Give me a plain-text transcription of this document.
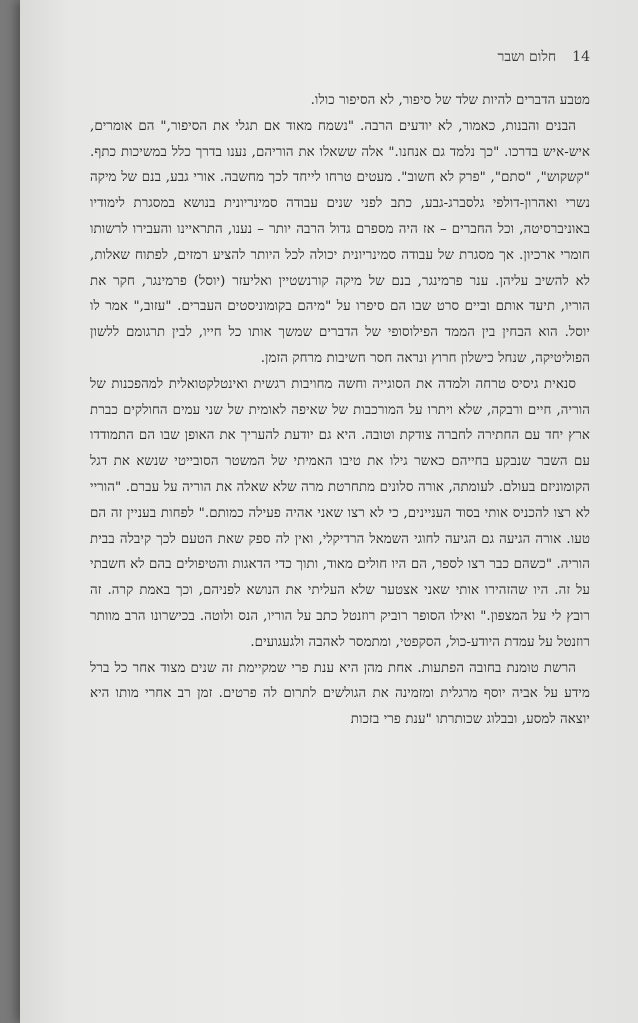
14
חלום ושבר

מטבע הדברים להיות שלד של סיפור, לא הסיפור כולו.

הבנים והבנות, כאמור, לא יודעים הרבה. "נשמח מאוד אם תגלי את הסיפור," הם אומרים, איש-איש בדרכו. "כך נלמד גם אנחנו." אלה ששאלו את הוריהם, נענו בדרך כלל במשיכות כתף. "קשקוש", "סתם", "פרק לא חשוב". מעטים טרחו לייחד לכך מחשבה. אורי גבע, בנם של מיקה נשרי ואהרון-דולפי גלסברג-גבע, כתב לפני שנים עבודה סמינריונית בנושא במסגרת לימודיו באוניברסיטה, וכל החברים – אז היה מספרם גדול הרבה יותר – נענו, התראיינו והעבירו לרשותו חומרי ארכיון. אך מסגרת של עבודה סמינריונית יכולה לכל היותר להציע רמזים, לפתוח שאלות, לא להשיב עליהן. ענר פרמינגר, בנם של מיקה קורנשטיין ואליעזר (יוסל) פרמינגר, חקר את הוריו, תיעד אותם וביים סרט שבו הם סיפרו על "מיהם בקומוניסטים העברים. "עזוב," אמר לו יוסל. הוא הבחין בין הממד הפילוסופי של הדברים שמשך אותו כל חייו, לבין תרגומם ללשון הפוליטיקה, שנחל כישלון חרוץ ונראה חסר חשיבות מרחק הזמן.

סנאית גיסיס טרחה ולמדה את הסוגייה וחשה מחויבות רגשית ואינטלקטואלית למהפכנות של הוריה, חיים ורבקה, שלא ויתרו על המורכבות של שאיפה לאומית של שני עמים החולקים כברת ארץ יחד עם החתירה לחברה צודקת וטובה. היא גם יודעת להעריך את האופן שבו הם התמודדו עם השבר שנבקע בחייהם כאשר גילו את טיבו האמיתי של המשטר הסובייטי שנשא את דגל הקומוניזם בעולם. לעומתה, אורה סלונים מתחרטת מרה שלא שאלה את הוריה על עברם. "הוריי לא רצו להכניס אותי בסוד העניינים, כי לא רצו שאני אהיה פעילה כמותם." לפחות בעניין זה הם טעו. אורה הגיעה גם הגיעה לחוגי השמאל הרדיקלי, ואין לה ספק שאת הטעם לכך קיבלה בבית הוריה. "כשהם כבר רצו לספר, הם היו חולים מאוד, ותוך כדי הדאגות והטיפולים בהם לא חשבתי על זה. היו שהזהירו אותי שאני אצטער שלא העליתי את הנושא לפניהם, וכך באמת קרה. זה רובץ לי על המצפון." ואילו הסופר רוביק רוזנטל כתב על הוריו, הנס ולוטה. בכישרונו הרב מוותר רוזנטל על עמדת היודע-כול, הסקפטי, ומתמסר לאהבה ולגעגועים.

הרשת טומנת בחובה הפתעות. אחת מהן היא ענת פרי שמקיימת זה שנים מצוד אחר כל ברל מידע על אביה יוסף מרגלית ומזמינה את הגולשים לתרום לה פרטים. זמן רב אחרי מותו היא יוצאה למסע, ובבלוג שכותרתו "ענת פרי בזכות
